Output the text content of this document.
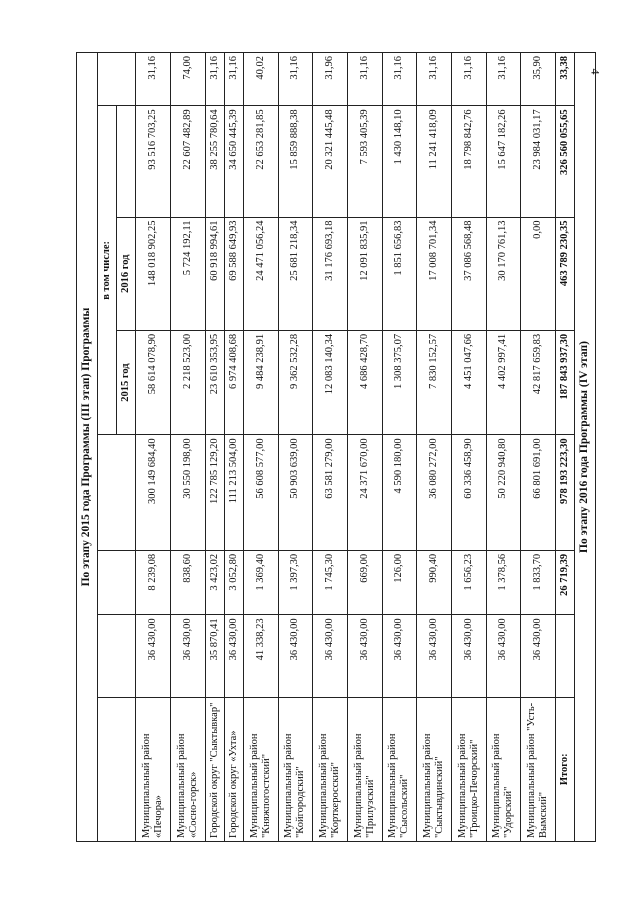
4
По этапу 2015 года Программы (III этап) Программы							
				в том числе:			
				2015 год	2016 год		
Муниципальный район «Печора»	36 430,00	8 239,08	300 149 684,40	58 614 078,90	148 018 902,25	93 516 703,25	31,16
Муниципальный район «Сосно-горск»	36 430,00	838,60	30 550 198,00	2 218 523,00	5 724 192,11	22 607 482,89	74,00
Городской округ "Сыктывкар"	35 870,41	3 423,02	122 785 129,20	23 610 353,95	60 918 994,61	38 255 780,64	31,16
Городской округ «Ухта»	36 430,00	3 052,80	111 213 504,00	6 974 408,68	69 588 649,93	34 650 445,39	31,16
Муниципальный район "Княжпогостский"	41 338,23	1 369,40	56 608 577,00	9 484 238,91	24 471 056,24	22 653 281,85	40,02
Муниципальный район "Койгородский"	36 430,00	1 397,30	50 903 639,00	9 362 532,28	25 681 218,34	15 859 888,38	31,16
Муниципальный район "Корткеросский"	36 430,00	1 745,30	63 581 279,00	12 083 140,34	31 176 693,18	20 321 445,48	31,96
Муниципальный район "Прилузский"	36 430,00	669,00	24 371 670,00	4 686 428,70	12 091 835,91	7 593 405,39	31,16
Муниципальный район "Сысольский"	36 430,00	126,00	4 590 180,00	1 308 375,07	1 851 656,83	1 430 148,10	31,16
Муниципальный район "Сыктывдинский"	36 430,00	990,40	36 080 272,00	7 830 152,57	17 008 701,34	11 241 418,09	31,16
Муниципальный район "Троицко-Печорский"	36 430,00	1 656,23	60 336 458,90	4 451 047,66	37 086 568,48	18 798 842,76	31,16
Муниципальный район "Удорский"	36 430,00	1 378,56	50 220 940,80	4 402 997,41	30 170 761,13	15 647 182,26	31,16
Муниципальный район "Усть-Вымский"	36 430,00	1 833,70	66 801 691,00	42 817 659,83	0,00	23 984 031,17	35,90
Итого:		26 719,39	978 193 223,30	187 843 937,30	463 789 230,35	326 560 055,65	33,38
По этапу 2016 года Программы (IV этап)							
